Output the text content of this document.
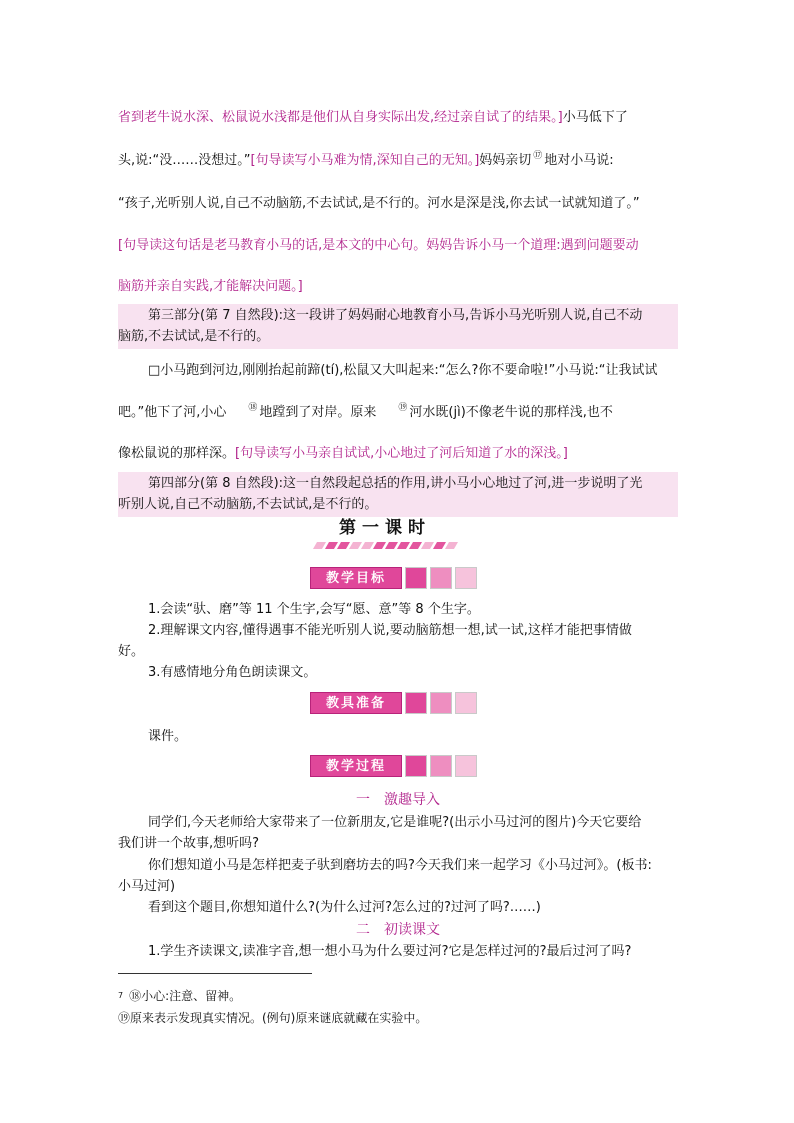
省到老牛说水深、松鼠说水浅都是他们从自身实际出发,经过亲自试了的结果。]小马低下了
头,说:“没……没想过。”[句导读写小马难为情,深知自己的无知。]妈妈亲切 ⑰ 地对小马说:
“孩子,光听别人说,自己不动脑筋,不去试试,是不行的。河水是深是浅,你去试一试就知道了。”
[句导读这句话是老马教育小马的话,是本文的中心句。妈妈告诉小马一个道理:遇到问题要动
脑筋并亲自实践,才能解决问题。]
第三部分(第 7 自然段):这一段讲了妈妈耐心地教育小马,告诉小马光听别人说,自己不动
脑筋,不去试试,是不行的。
□小马跑到河边,刚刚抬起前蹄(tí),松鼠又大叫起来:“怎么?你不要命啦!”小马说:“让我试试
吧。”他下了河,小心 ⑱ 地蹚到了对岸。原来 ⑲ 河水既(jì)不像老牛说的那样浅,也不
像松鼠说的那样深。[句导读写小马亲自试试,小心地过了河后知道了水的深浅。]
第四部分(第 8 自然段):这一自然段起总括的作用,讲小马小心地过了河,进一步说明了光
听别人说,自己不动脑筋,不去试试,是不行的。
第一课时
教学目标
1.会读“驮、磨”等 11 个生字,会写“愿、意”等 8 个生字。
2.理解课文内容,懂得遇事不能光听别人说,要动脑筋想一想,试一试,这样才能把事情做
好。
3.有感情地分角色朗读课文。
教具准备
课件。
教学过程
一　激趣导入
同学们,今天老师给大家带来了一位新朋友,它是谁呢?(出示小马过河的图片)今天它要给
我们讲一个故事,想听吗?
你们想知道小马是怎样把麦子驮到磨坊去的吗?今天我们来一起学习《小马过河》。(板书:
小马过河)
看到这个题目,你想知道什么?(为什么过河?怎么过的?过河了吗?……)
二　初读课文
1.学生齐读课文,读准字音,想一想小马为什么要过河?它是怎样过河的?最后过河了吗?
$^7$ ⑱小心:注意、留神。
⑲原来表示发现真实情况。(例句)原来谜底就藏在实验中。
